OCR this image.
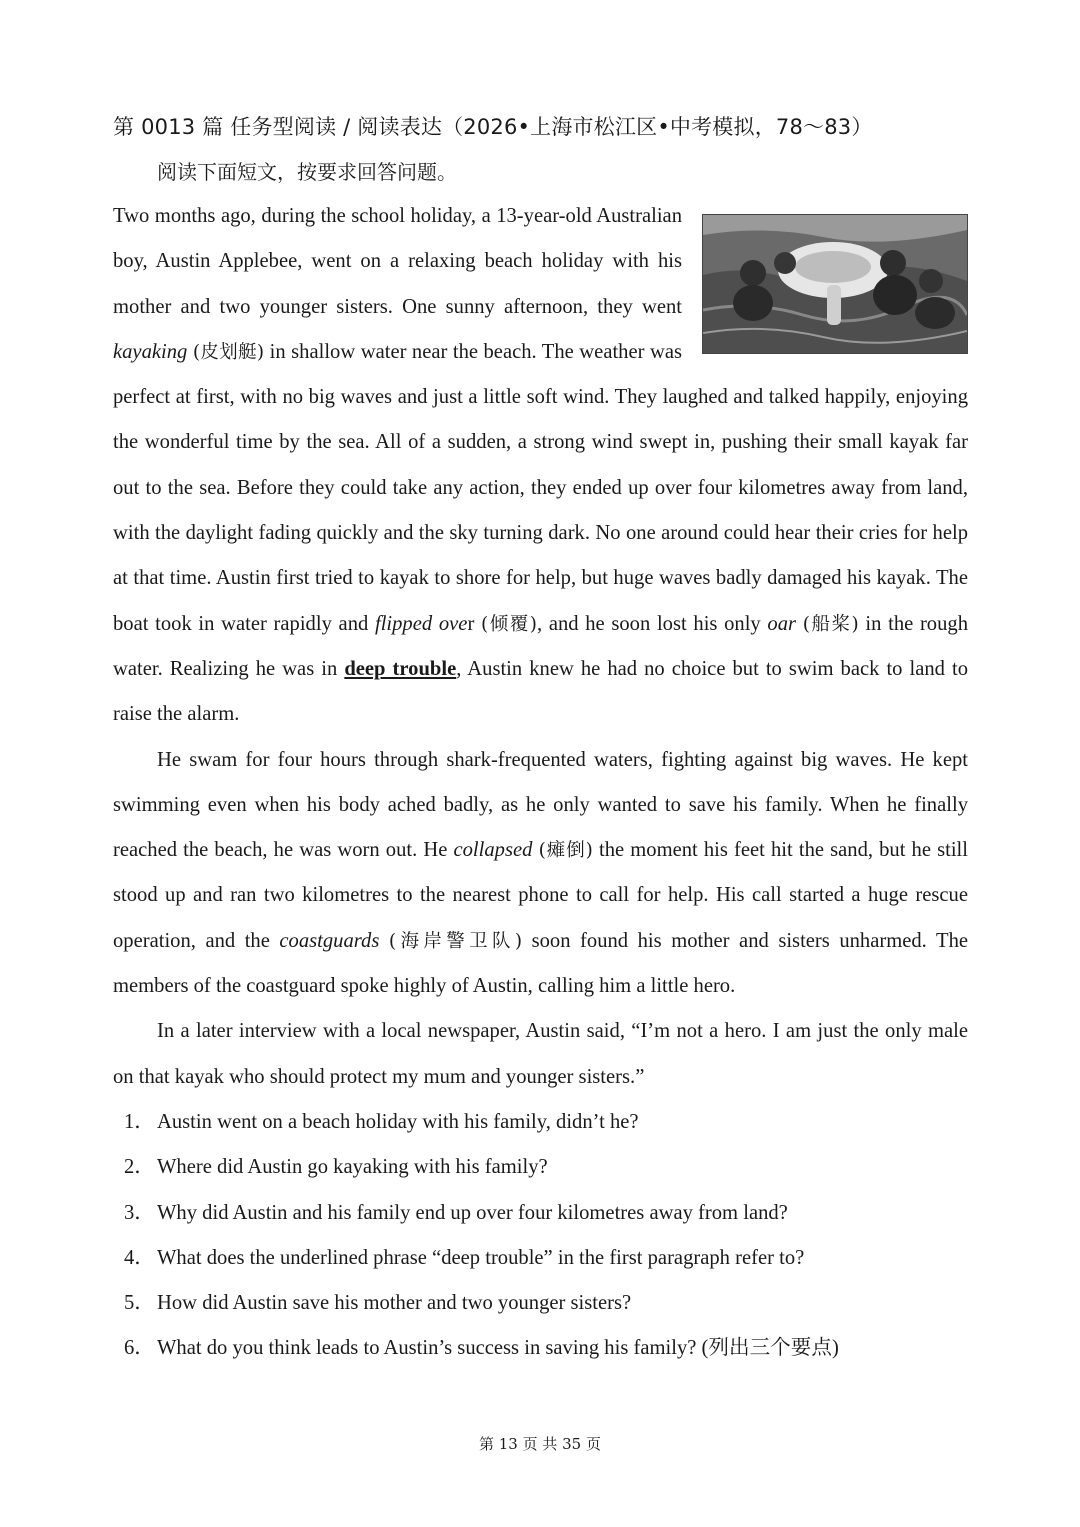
第 0013 篇 任务型阅读 / 阅读表达（2026•上海市松江区•中考模拟，78～83）
阅读下面短文，按要求回答问题。

Two months ago, during the school holiday, a 13-year-old Australian boy, Austin Applebee, went on a relaxing beach holiday with his mother and two younger sisters. One sunny afternoon, they went kayaking (皮划艇) in shallow water near the beach. The weather was perfect at first, with no big waves and just a little soft wind. They laughed and talked happily, enjoying the wonderful time by the sea. All of a sudden, a strong wind swept in, pushing their small kayak far out to the sea. Before they could take any action, they ended up over four kilometres away from land, with the daylight fading quickly and the sky turning dark. No one around could hear their cries for help at that time. Austin first tried to kayak to shore for help, but huge waves badly damaged his kayak. The boat took in water rapidly and flipped over (倾覆), and he soon lost his only oar (船桨) in the rough water. Realizing he was in deep trouble, Austin knew he had no choice but to swim back to land to raise the alarm.

He swam for four hours through shark-frequented waters, fighting against big waves. He kept swimming even when his body ached badly, as he only wanted to save his family. When he finally reached the beach, he was worn out. He collapsed (瘫倒) the moment his feet hit the sand, but he still stood up and ran two kilometres to the nearest phone to call for help. His call started a huge rescue operation, and the coastguards (海岸警卫队) soon found his mother and sisters unharmed. The members of the coastguard spoke highly of Austin, calling him a little hero.

In a later interview with a local newspaper, Austin said, “I’m not a hero. I am just the only male on that kayak who should protect my mum and younger sisters.”

1． Austin went on a beach holiday with his family, didn’t he?
2． Where did Austin go kayaking with his family?
3． Why did Austin and his family end up over four kilometres away from land?
4． What does the underlined phrase “deep trouble” in the first paragraph refer to?
5． How did Austin save his mother and two younger sisters?
6． What do you think leads to Austin’s success in saving his family? (列出三个要点)
第 13 页 共 35 页
